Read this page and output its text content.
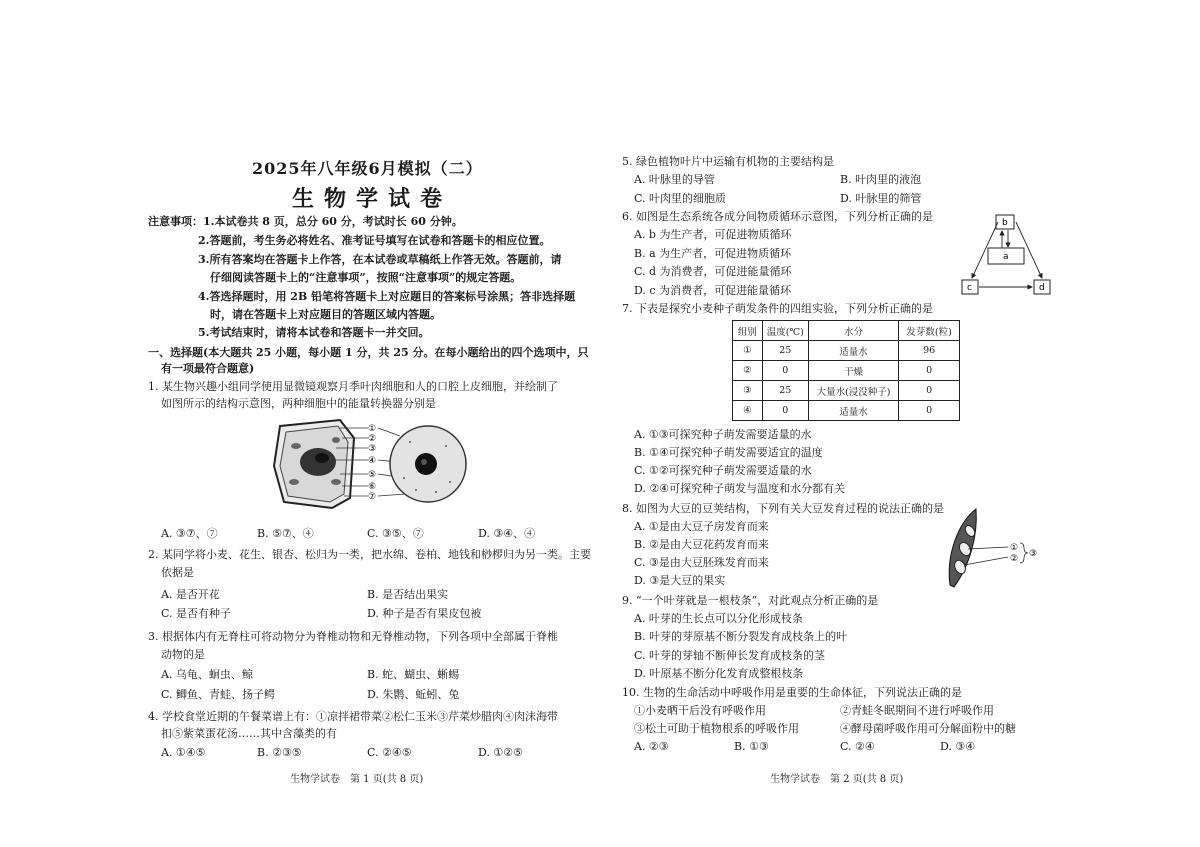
2025年八年级6月模拟（二）
生物学试卷
注意事项：1.本试卷共 8 页，总分 60 分，考试时长 60 分钟。
2.答题前，考生务必将姓名、准考证号填写在试卷和答题卡的相应位置。
3.所有答案均在答题卡上作答，在本试卷或草稿纸上作答无效。答题前，请
仔细阅读答题卡上的“注意事项”，按照“注意事项”的规定答题。
4.答选择题时，用 2B 铅笔将答题卡上对应题目的答案标号涂黑；答非选择题
时，请在答题卡上对应题目的答题区域内答题。
5.考试结束时，请将本试卷和答题卡一并交回。
一、选择题(本大题共 25 小题，每小题 1 分，共 25 分。在每小题给出的四个选项中，只
有一项最符合题意)
1. 某生物兴趣小组同学使用显微镜观察月季叶肉细胞和人的口腔上皮细胞，并绘制了
如图所示的结构示意图，两种细胞中的能量转换器分别是
①
②
③
④
⑤
⑥
⑦
A. ③⑦、⑦	B. ⑤⑦、④	C. ③⑤、⑦	D. ③④、④
2. 某同学将小麦、花生、银杏、松归为一类，把水绵、卷柏、地钱和桫椤归为另一类。主要
依据是
A. 是否开花	B. 是否结出果实
C. 是否有种子	D. 种子是否有果皮包被
3. 根据体内有无脊柱可将动物分为脊椎动物和无脊椎动物，下列各项中全部属于脊椎
动物的是
A. 乌龟、蛔虫、鲸	B. 蛇、蝴虫、蜥蜴
C. 鲫鱼、青蛙、扬子鳄	D. 朱鹮、蚯蚓、兔
4. 学校食堂近期的午餐菜谱上有：①凉拌裙带菜②松仁玉米③芹菜炒腊肉④肉沫海带
扣⑤紫菜蛋花汤……其中含藻类的有
A. ①④⑤	B. ②③⑤	C. ②④⑤	D. ①②⑤
生物学试卷　第 1 页(共 8 页)
5. 绿色植物叶片中运输有机物的主要结构是
A. 叶脉里的导管	B. 叶肉里的液泡
C. 叶肉里的细胞质	D. 叶脉里的筛管
6. 如图是生态系统各成分间物质循环示意图，下列分析正确的是
A. b 为生产者，可促进物质循环
B. a 为生产者，可促进物质循环
C. d 为消费者，可促进能量循环
D. c 为消费者，可促进能量循环
b
a
c	d
7. 下表是探究小麦种子萌发条件的四组实验，下列分析正确的是
组别	温度(℃)	水分	发芽数(粒)
①	25	适量水	96
②	0	干燥	0
③	25	大量水(浸没种子)	0
④	0	适量水	0
A. ①③可探究种子萌发需要适量的水
B. ①④可探究种子萌发需要适宜的温度
C. ①②可探究种子萌发需要适量的水
D. ②④可探究种子萌发与温度和水分都有关
8. 如图为大豆的豆荚结构，下列有关大豆发育过程的说法正确的是
A. ①是由大豆子房发育而来
B. ②是由大豆花药发育而来
C. ③是由大豆胚珠发育而来
D. ③是大豆的果实
①
② ③
9. “一个叶芽就是一根枝条”，对此观点分析正确的是
A. 叶芽的生长点可以分化形成枝条
B. 叶芽的芽原基不断分裂发育成枝条上的叶
C. 叶芽的芽轴不断伸长发育成枝条的茎
D. 叶原基不断分化发育成整根枝条
10. 生物的生命活动中呼吸作用是重要的生命体征，下列说法正确的是
①小麦晒干后没有呼吸作用	②青蛙冬眠期间不进行呼吸作用
③松土可助于植物根系的呼吸作用	④酵母菌呼吸作用可分解面粉中的糖
A. ②③	B. ①③	C. ②④	D. ③④
生物学试卷　第 2 页(共 8 页)
